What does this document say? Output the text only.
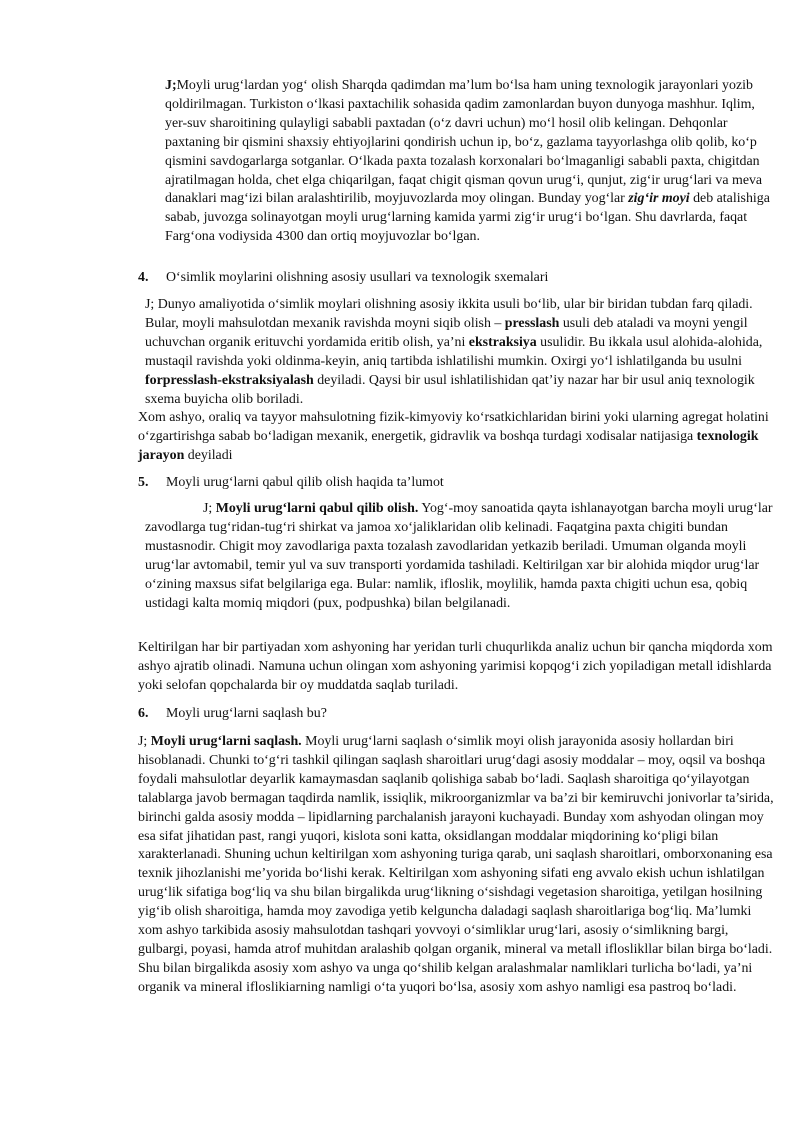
J;Moyli urug‘lardan yog‘ olish Sharqda qadimdan ma’lum bo‘lsa ham uning texnologik jarayonlari yozib qoldirilmagan. Turkiston o‘lkasi paxtachilik sohasida qadim zamonlardan buyon dunyoga mashhur. Iqlim, yer-suv sharoitining qulayligi sababli paxtadan (o‘z davri uchun) mo‘l hosil olib kelingan. Dehqonlar paxtaning bir qismini shaxsiy ehtiyojlarini qondirish uchun ip, bo‘z, gazlama tayyorlashga olib qolib, ko‘p qismini savdogarlarga sotganlar. O‘lkada paxta tozalash korxonalari bo‘lmaganligi sababli paxta, chigitdan ajratilmagan holda, chet elga chiqarilgan, faqat chigit qisman qovun urug‘i, qunjut, zig‘ir urug‘lari va meva danaklari mag‘izi bilan aralashtirilib, moyjuvozlarda moy olingan. Bunday yog‘lar zig‘ir moyi deb atalishiga sabab, juvozga solinayotgan moyli urug‘larning kamida yarmi zig‘ir urug‘i bo‘lgan. Shu davrlarda, faqat Farg‘ona vodiysida 4300 dan ortiq moyjuvozlar bo‘lgan.

4. O‘simlik moylarini olishning asosiy usullari va texnologik sxemalari

J; Dunyo amaliyotida o‘simlik moylari olishning asosiy ikkita usuli bo‘lib, ular bir biridan tubdan farq qiladi. Bular, moyli mahsulotdan mexanik ravishda moyni siqib olish – presslash usuli deb ataladi va moyni yengil uchuvchan organik erituvchi yordamida eritib olish, ya’ni ekstraksiya usulidir. Bu ikkala usul alohida-alohida, mustaqil ravishda yoki oldinma-keyin, aniq tartibda ishlatilishi mumkin. Oxirgi yo‘l ishlatilganda bu usulni forpresslash-ekstraksiyalash deyiladi. Qaysi bir usul ishlatilishidan qat’iy nazar har bir usul aniq texnologik sxema buyicha olib boriladi.

Xom ashyo, oraliq va tayyor mahsulotning fizik-kimyoviy ko‘rsatkichlaridan birini yoki ularning agregat holatini o‘zgartirishga sabab bo‘ladigan mexanik, energetik, gidravlik va boshqa turdagi xodisalar natijasiga texnologik jarayon deyiladi

5. Moyli urug‘larni qabul qilib olish haqida ta’lumot

J; Moyli urug‘larni qabul qilib olish. Yog‘-moy sanoatida qayta ishlanayotgan barcha moyli urug‘lar zavodlarga tug‘ridan-tug‘ri shirkat va jamoa xo‘jaliklaridan olib kelinadi. Faqatgina paxta chigiti bundan mustasnodir. Chigit moy zavodlariga paxta tozalash zavodlaridan yetkazib beriladi. Umuman olganda moyli urug‘lar avtomabil, temir yul va suv transporti yordamida tashiladi. Keltirilgan xar bir alohida miqdor urug‘lar o‘zining maxsus sifat belgilariga ega. Bular: namlik, ifloslik, moylilik, hamda paxta chigiti uchun esa, qobiq ustidagi kalta momiq miqdori (pux, podpushka) bilan belgilanadi.

Keltirilgan har bir partiyadan xom ashyoning har yeridan turli chuqurlikda analiz uchun bir qancha miqdorda xom ashyo ajratib olinadi. Namuna uchun olingan xom ashyoning yarimisi kopqog‘i zich yopiladigan metall idishlarda yoki selofan qopchalarda bir oy muddatda saqlab turiladi.

6. Moyli urug‘larni saqlash bu?

J; Moyli urug‘larni saqlash. Moyli urug‘larni saqlash o‘simlik moyi olish jarayonida asosiy hollardan biri hisoblanadi. Chunki to‘g‘ri tashkil qilingan saqlash sharoitlari urug‘dagi asosiy moddalar – moy, oqsil va boshqa foydali mahsulotlar deyarlik kamaymasdan saqlanib qolishiga sabab bo‘ladi. Saqlash sharoitiga qo‘yilayotgan talablarga javob bermagan taqdirda namlik, issiqlik, mikroorganizmlar va ba’zi bir kemiruvchi jonivorlar ta’sirida, birinchi galda asosiy modda – lipidlarning parchalanish jarayoni kuchayadi. Bunday xom ashyodan olingan moy esa sifat jihatidan past, rangi yuqori, kislota soni katta, oksidlangan moddalar miqdorining ko‘pligi bilan xarakterlanadi. Shuning uchun keltirilgan xom ashyoning turiga qarab, uni saqlash sharoitlari, omborxonaning esa texnik jihozlanishi me’yorida bo‘lishi kerak. Keltirilgan xom ashyoning sifati eng avvalo ekish uchun ishlatilgan urug‘lik sifatiga bog‘liq va shu bilan birgalikda urug‘likning o‘sishdagi vegetasion sharoitiga, yetilgan hosilning yig‘ib olish sharoitiga, hamda moy zavodiga yetib kelguncha daladagi saqlash sharoitlariga bog‘liq. Ma’lumki xom ashyo tarkibida asosiy mahsulotdan tashqari yovvoyi o‘simliklar urug‘lari, asosiy o‘simlikning bargi, gulbargi, poyasi, hamda atrof muhitdan aralashib qolgan organik, mineral va metall ifloslikllar bilan birga bo‘ladi. Shu bilan birgalikda asosiy xom ashyo va unga qo‘shilib kelgan aralashmalar namliklari turlicha bo‘ladi, ya’ni organik va mineral ifloslikiarning namligi o‘ta yuqori bo‘lsa, asosiy xom ashyo namligi esa pastroq bo‘ladi.
